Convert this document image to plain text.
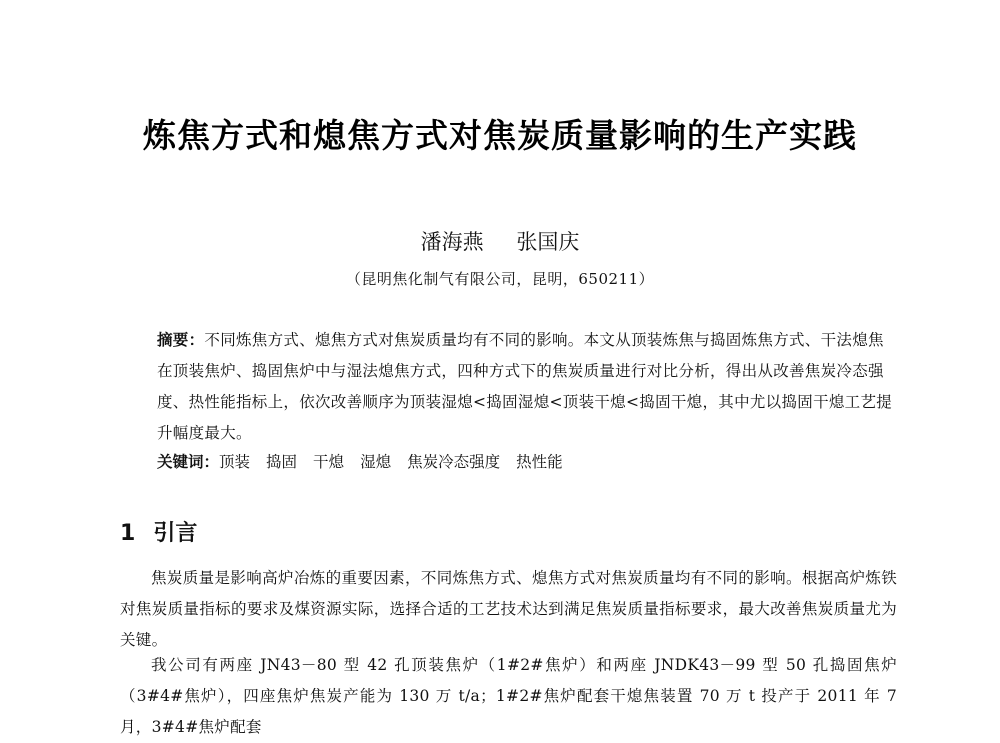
炼焦方式和熄焦方式对焦炭质量影响的生产实践
潘海燕 张国庆
（昆明焦化制气有限公司，昆明，650211）
摘要：不同炼焦方式、熄焦方式对焦炭质量均有不同的影响。本文从顶装炼焦与捣固炼焦方式、干法熄焦在顶装焦炉、捣固焦炉中与湿法熄焦方式，四种方式下的焦炭质量进行对比分析，得出从改善焦炭冷态强度、热性能指标上，依次改善顺序为顶装湿熄<捣固湿熄<顶装干熄<捣固干熄，其中尤以捣固干熄工艺提升幅度最大。
关键词：顶装 捣固 干熄 湿熄 焦炭冷态强度 热性能
1 引言
焦炭质量是影响高炉冶炼的重要因素，不同炼焦方式、熄焦方式对焦炭质量均有不同的影响。根据高炉炼铁对焦炭质量指标的要求及煤资源实际，选择合适的工艺技术达到满足焦炭质量指标要求，最大改善焦炭质量尤为关键。
我公司有两座 JN43－80 型 42 孔顶装焦炉（1#2#焦炉）和两座 JNDK43－99 型 50 孔捣固焦炉（3#4#焦炉），四座焦炉焦炭产能为 130 万 t/a；1#2#焦炉配套干熄焦装置 70 万 t 投产于 2011 年 7 月，3#4#焦炉配套
